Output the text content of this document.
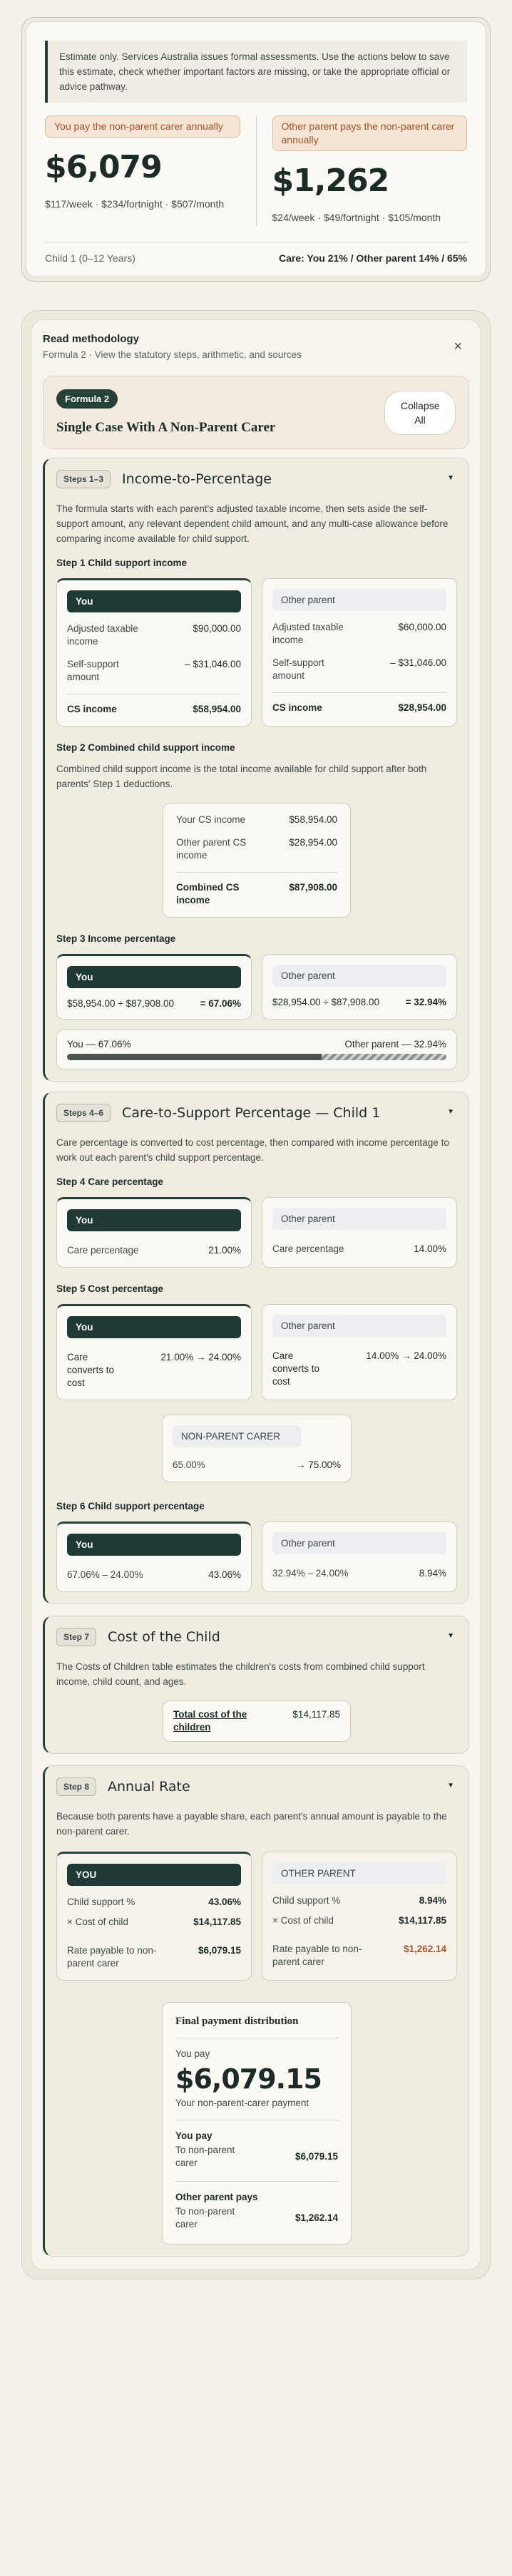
Estimate only. Services Australia issues formal assessments. Use the actions below to save this estimate, check whether important factors are missing, or take the appropriate official or advice pathway.
You pay the non-parent carer annually
$6,079
$117/week · $234/fortnight · $507/month
Other parent pays the non-parent carer annually
$1,262
$24/week · $49/fortnight · $105/month
Child 1 (0–12 Years)	Care: You 21% / Other parent 14% / 65%
Read methodology
Formula 2 · View the statutory steps, arithmetic, and sources
×
Formula 2
Single Case With A Non-Parent Carer
Collapse All
Steps 1–3	Income-to-Percentage	▼
The formula starts with each parent's adjusted taxable income, then sets aside the self-support amount, any relevant dependent child amount, and any multi-case allowance before comparing income available for child support.
Step 1 Child support income
You
Adjusted taxable income
$90,000.00
Self-support amount
– $31,046.00
CS income	$58,954.00
Other parent
Adjusted taxable income
$60,000.00
Self-support amount
– $31,046.00
CS income	$28,954.00
Step 2 Combined child support income
Combined child support income is the total income available for child support after both parents' Step 1 deductions.
Your CS income	$58,954.00
Other parent CS income
$28,954.00
Combined CS income
$87,908.00
Step 3 Income percentage
You
$58,954.00 ÷ $87,908.00	= 67.06%
Other parent
$28,954.00 ÷ $87,908.00	= 32.94%
You — 67.06%	Other parent — 32.94%
Steps 4–6	Care-to-Support Percentage — Child 1	▼
Care percentage is converted to cost percentage, then compared with income percentage to work out each parent's child support percentage.
Step 4 Care percentage
You
Care percentage	21.00%
Other parent
Care percentage	14.00%
Step 5 Cost percentage
You
Care converts to cost
21.00% → 24.00%
Other parent
Care converts to cost
14.00% → 24.00%
NON-PARENT CARER
65.00%	→ 75.00%
Step 6 Child support percentage
You
67.06% – 24.00%	43.06%
Other parent
32.94% – 24.00%	8.94%
Step 7	Cost of the Child	▼
The Costs of Children table estimates the children's costs from combined child support income, child count, and ages.
Total cost of the children
$14,117.85
Step 8	Annual Rate	▼
Because both parents have a payable share, each parent's annual amount is payable to the non-parent carer.
YOU
Child support %	43.06%
× Cost of child	$14,117.85
Rate payable to non-parent carer
$6,079.15
OTHER PARENT
Child support %	8.94%
× Cost of child	$14,117.85
Rate payable to non-parent carer
$1,262.14
Final payment distribution
You pay
$6,079.15
Your non-parent-carer payment
You pay
To non-parent carer
$6,079.15
Other parent pays
To non-parent carer
$1,262.14
